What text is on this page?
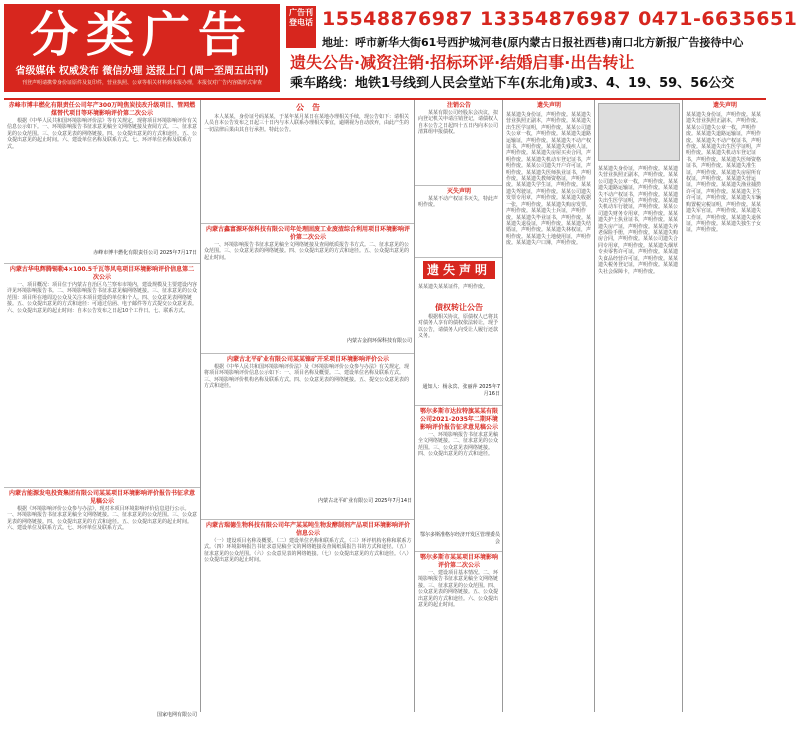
分类广告
省级媒体 权威发布 微信办理 送报上门 (周一至周五出刊)
刊登声明请携带身份证原件及复印件，营业执照、公章等相关材料到本报办理，本报仅对广告内容做形式审查
广告刊登电话 15548876987 13354876987 0471-6635651
地址：呼市新华大街61号西护城河巷(原内蒙古日报社西巷)南口北方新报广告接待中心
遗失公告·减资注销·招标环评·结婚启事·出告转让
乘车路线：地铁1号线到人民会堂站下车(东北角)或3、4、19、59、56公交
赤峰市博丰燃化有限责任公司年产300万吨焦炭技改升级项目、管网燃煤替代项目等环境影响评价第二次公示
　　根据《中华人民共和国环境影响评价法》等有关规定，现将项目环境影响评价有关信息公示如下。一、环境影响报告书征求意见稿全文网络链接及查阅方式。二、征求意见的公众范围。三、公众意见表的网络链接。四、公众提出意见的方式和途径。五、公众提出意见的起止时间。六、建设单位名称及联系方式。七、环评单位名称及联系方式。
赤峰市博丰燃化有限责任公司 2025年7月17日
内蒙古华电辉腾锡勒4×100.5千瓦等风电项目环境影响评价信息第二次公示
　　一、项目概况：项目位于内蒙古自治区乌兰察布市境内，建设规模及主要建设内容详见环境影响报告书。二、环境影响报告书征求意见稿网络链接。三、征求意见的公众范围：项目所在地周边公众及关注本项目建设的单位和个人。四、公众意见表网络链接。五、公众提出意见的方式和途径：可通过信函、电子邮件等方式提交公众意见表。六、公众提出意见的起止时间：自本公告发布之日起10个工作日。七、联系方式。
内蒙古能源发电投资集团有限公司某某项目环境影响评价报告书征求意见稿公示
　　根据《环境影响评价公众参与办法》，现对本项目环境影响评价信息进行公示。一、环境影响报告书征求意见稿全文网络链接。二、征求意见的公众范围。三、公众意见表的网络链接。四、公众提出意见的方式和途径。五、公众提出意见的起止时间。六、建设单位及联系方式。七、环评单位及联系方式。
国家电网有限公司
公　告
　　本人某某，身份证号码某某，于某年某月某日在某地办理相关手续，现公告如下：请相关人员自本公告发布之日起三十日内与本人联系办理相关事宜，逾期视为自动放弃，由此产生的一切法律后果由其自行承担。特此公告。
内蒙古鑫富源环保科技有限公司年处理固废工业废渣综合利用项目环境影响评价第二次公示
　　一、环境影响报告书征求意见稿全文网络链接及查阅纸质报告书方式。二、征求意见的公众范围。三、公众意见表的网络链接。四、公众提出意见的方式和途径。五、公众提出意见的起止时间。
内蒙古金润环保科技有限公司
内蒙古北平矿业有限公司某某镍矿开采项目环境影响评价公示
　　根据《中华人民共和国环境影响评价法》及《环境影响评价公众参与办法》有关规定，现将项目环境影响评价信息公示如下：一、项目名称及概要。二、建设单位名称及联系方式。三、环境影响评价机构名称及联系方式。四、公众意见表的网络链接。五、提交公众意见表的方式和途径。
内蒙古北平矿业有限公司 2025年7月14日
内蒙古瑞德生物科技有限公司年产某某吨生物发酵制剂产品项目环境影响评价信息公示
　　（一）建设项目名称及概要。（二）建设单位名称和联系方式。（三）环评机构名称和联系方式。（四）环境影响报告书征求意见稿全文的网络链接及查阅纸质报告书的方式和途径。（五）征求意见的公众范围。（六）公众意见表的网络链接。（七）公众提出意见的方式和途径。（八）公众提出意见的起止时间。
注销公告
　　某某有限公司经股东会决议，拟向登记机关申请注销登记，请债权人自本公告之日起四十五日内向本公司清算组申报债权。
灭失声明
　　某某不动产权证书灭失，特此声明作废。
遗失声明
某某遗失某某证件，声明作废。
债权转让公告
　　根据相关协议，原债权人已将其对债务人享有的债权依法转让，现予以公告，请债务人向受让人履行还款义务。
通知人：杨永宾、张丽萍 2025年7月16日
鄂尔多斯市达拉特旗某某有限公司2021-2035年二期环境影响评价报告征求意见稿公示
　　一、环境影响报告书征求意见稿全文网络链接。二、征求意见的公众范围。三、公众意见表网络链接。四、公众提出意见的方式和途径。
鄂尔多斯准格尔经济开发区管理委员会
鄂尔多斯市某某项目环境影响评价第二次公示
　　一、建设项目基本情况。二、环境影响报告书征求意见稿全文网络链接。三、征求意见的公众范围。四、公众意见表的网络链接。五、公众提出意见的方式和途径。六、公众提出意见的起止时间。
遗失声明
某某遗失身份证，声明作废。某某遗失营业执照正副本，声明作废。某某遗失出生医学证明，声明作废。某某公司遗失公章一枚，声明作废。某某遗失道路运输证，声明作废。某某遗失不动产权证书，声明作废。某某遗失残疾人证，声明作废。某某遗失房屋买卖合同，声明作废。某某遗失机动车登记证书，声明作废。某某公司遗失开户许可证，声明作废。某某遗失医师执业证书，声明作废。某某遗失教师资格证，声明作废。某某遗失学生证，声明作废。某某遗失驾驶证，声明作废。某某公司遗失发票专用章，声明作废。某某遗失收据一张，声明作废。某某遗失购房发票，声明作废。某某遗失士兵证，声明作废。某某遗失毕业证书，声明作废。某某遗失退役证，声明作废。某某遗失结婚证，声明作废。某某遗失林权证，声明作废。某某遗失土地使用证，声明作废。某某遗失户口簿，声明作废。
某某遗失身份证，声明作废。某某遗失营业执照正副本，声明作废。某某公司遗失公章一枚，声明作废。某某遗失道路运输证，声明作废。某某遗失不动产权证书，声明作废。某某遗失出生医学证明，声明作废。某某遗失机动车行驶证，声明作废。某某公司遗失财务专用章，声明作废。某某遗失护士执业证书，声明作废。某某遗失房产证，声明作废。某某遗失养老保险手册，声明作废。某某遗失购房合同，声明作废。某某公司遗失合同专用章，声明作废。某某遗失烟草专卖零售许可证，声明作废。某某遗失食品经营许可证，声明作废。某某遗失税务登记证，声明作废。某某遗失社会保障卡，声明作废。
遗失声明
某某遗失身份证，声明作废。某某遗失营业执照正副本，声明作废。某某公司遗失公章一枚，声明作废。某某遗失道路运输证，声明作废。某某遗失不动产权证书，声明作废。某某遗失出生医学证明，声明作废。某某遗失机动车登记证书，声明作废。某某遗失医师资格证书，声明作废。某某遗失准生证，声明作废。某某遗失房屋所有权证，声明作废。某某遗失营运证，声明作废。某某遗失渔业捕捞许可证，声明作废。某某遗失卫生许可证，声明作废。某某遗失车辆购置税完税证明，声明作废。某某遗失军官证，声明作废。某某遗失工作证，声明作废。某某遗失退休证，声明作废。某某遗失独生子女证，声明作废。
